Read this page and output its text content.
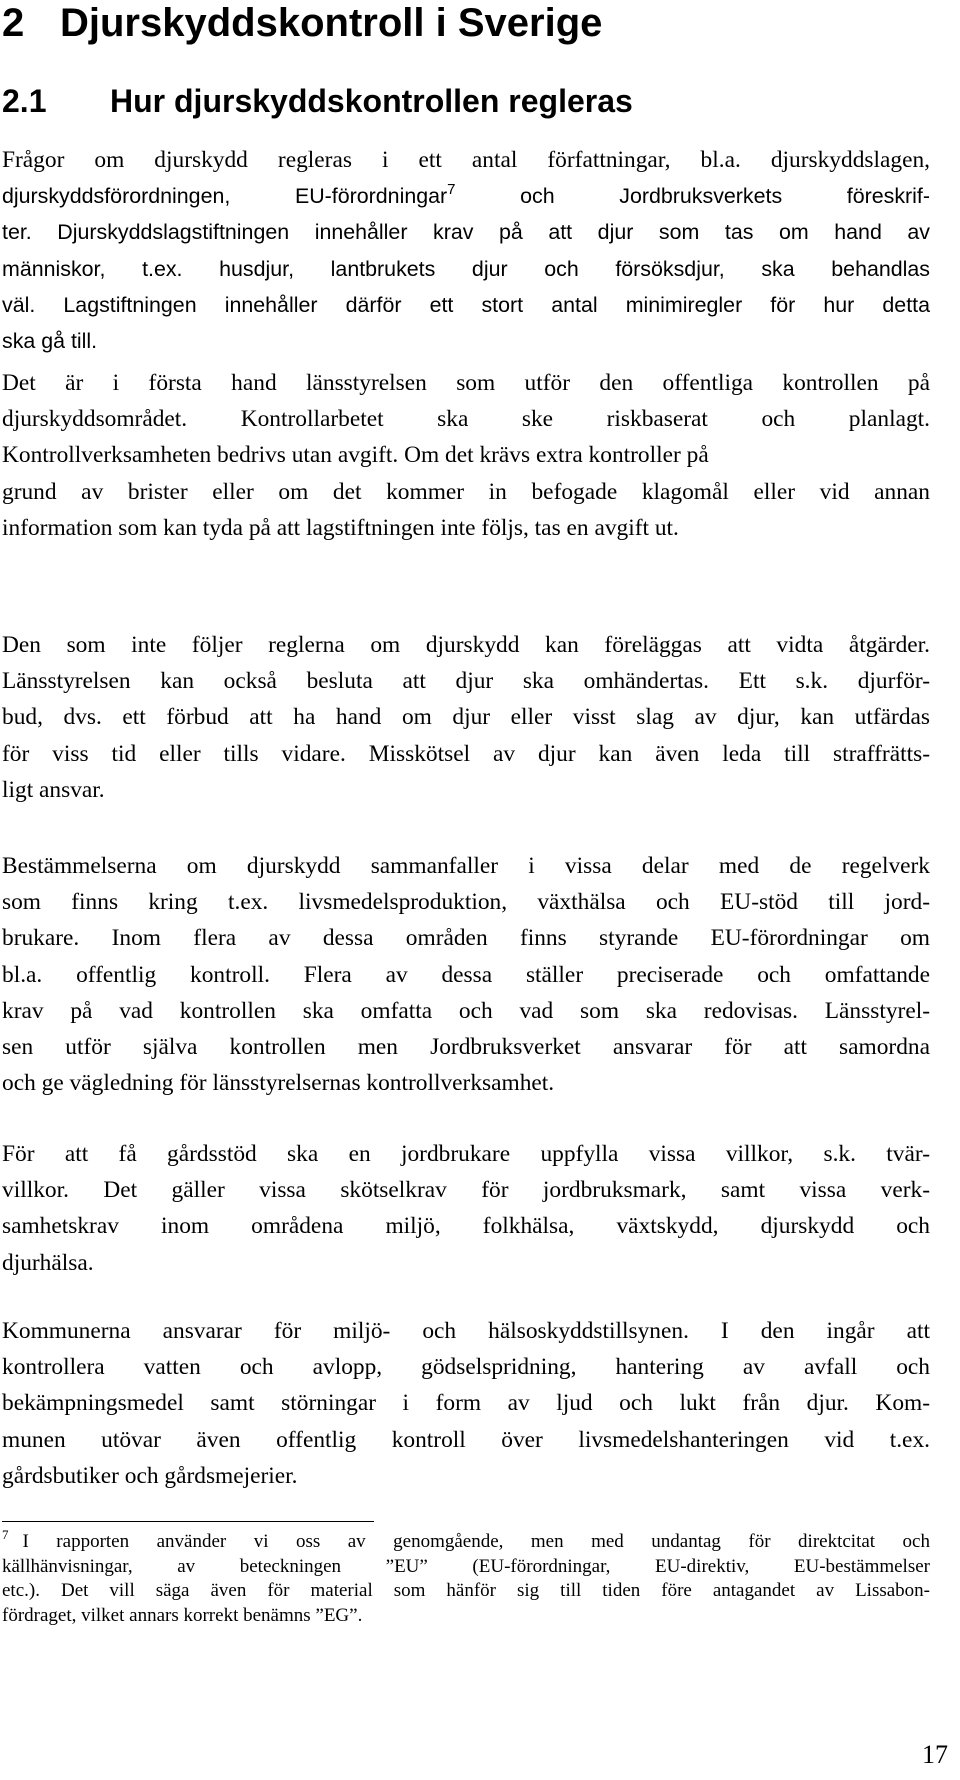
2 Djurskyddskontroll i Sverige
2.1 Hur djurskyddskontrollen regleras
Frågor om djurskydd regleras i ett antal författningar, bl.a. djurskyddslagen,
djurskyddsförordningen, EU-förordningar$^7$	och Jordbruksverkets föreskrif-
ter. Djurskyddslagstiftningen innehåller krav på att djur som tas om hand av
människor, t.ex. husdjur, lantbrukets djur och försöksdjur, ska behandlas
väl. Lagstiftningen innehåller därför ett stort antal minimiregler för hur detta
ska gå till.
Det är i första hand länsstyrelsen som utför den offentliga kontrollen på
djurskyddsområdet. Kontrollarbetet ska ske riskbaserat och planlagt.
Kontrollverksamheten bedrivs utan avgift. Om det krävs extra kontroller på
grund av brister eller om det kommer in befogade klagomål eller vid annan
information som kan tyda på att lagstiftningen inte följs, tas en avgift ut.
Den som inte följer reglerna om djurskydd kan föreläggas att vidta åtgärder.
Länsstyrelsen kan också besluta att djur ska omhändertas. Ett s.k. djurför-
bud, dvs. ett förbud att ha hand om djur eller visst slag av djur, kan utfärdas
för viss tid eller tills vidare. Misskötsel av djur kan även leda till straffrätts-
ligt ansvar.
Bestämmelserna om djurskydd sammanfaller i vissa delar med de regelverk
som finns kring t.ex. livsmedelsproduktion, växthälsa och EU-stöd till jord-
brukare. Inom flera av dessa områden finns styrande EU-förordningar om
bl.a. offentlig kontroll. Flera av dessa ställer preciserade och omfattande
krav på vad kontrollen ska omfatta och vad som ska redovisas. Länsstyrel-
sen utför själva kontrollen men Jordbruksverket ansvarar för att samordna
och ge vägledning för länsstyrelsernas kontrollverksamhet.
För att få gårdsstöd ska en jordbrukare uppfylla vissa villkor, s.k. tvär-
villkor. Det gäller vissa skötselkrav för jordbruksmark, samt vissa verk-
samhetskrav inom områdena miljö, folkhälsa, växtskydd, djurskydd och
djurhälsa.
Kommunerna ansvarar för miljö- och hälsoskyddstillsynen. I den ingår att
kontrollera vatten och avlopp, gödselspridning, hantering av avfall och
bekämpningsmedel samt störningar i form av ljud och lukt från djur. Kom-
munen utövar även offentlig kontroll över livsmedelshanteringen vid t.ex.
gårdsbutiker och gårdsmejerier.
$^7$ I rapporten använder vi oss av genomgående, men med undantag för direktcitat och
källhänvisningar, av beteckningen ”EU” (EU-förordningar, EU-direktiv, EU-bestämmelser
etc.). Det vill säga även för material som hänför sig till tiden före antagandet av Lissabon-
fördraget, vilket annars korrekt benämns ”EG”.
17
